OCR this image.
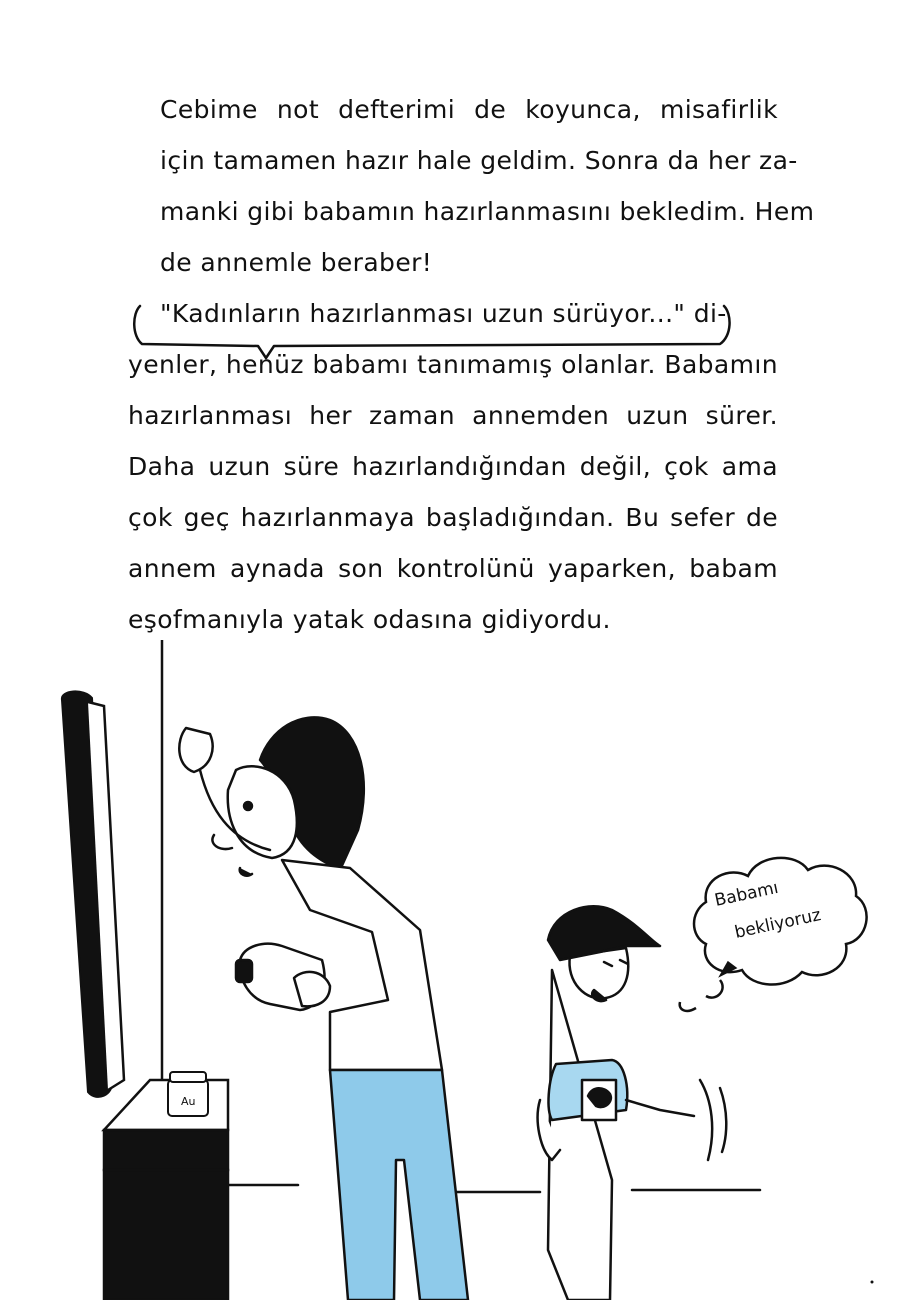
Cebime not defterimi de koyunca, misafirlik
için tamamen hazır hale geldim. Sonra da her za-
manki gibi babamın hazırlanmasını bekledim. Hem
de annemle beraber!

"Kadınların hazırlanması uzun sürüyor..." di-
yenler, henüz babamı tanımamış olanlar. Babamın
hazırlanması her zaman annemden uzun sürer.
Daha uzun süre hazırlandığından değil, çok ama
çok geç hazırlanmaya başladığından. Bu sefer de
annem aynada son kontrolünü yaparken, babam
eşofmanıyla yatak odasına gidiyordu.

Au
Babamı
bekliyoruz
